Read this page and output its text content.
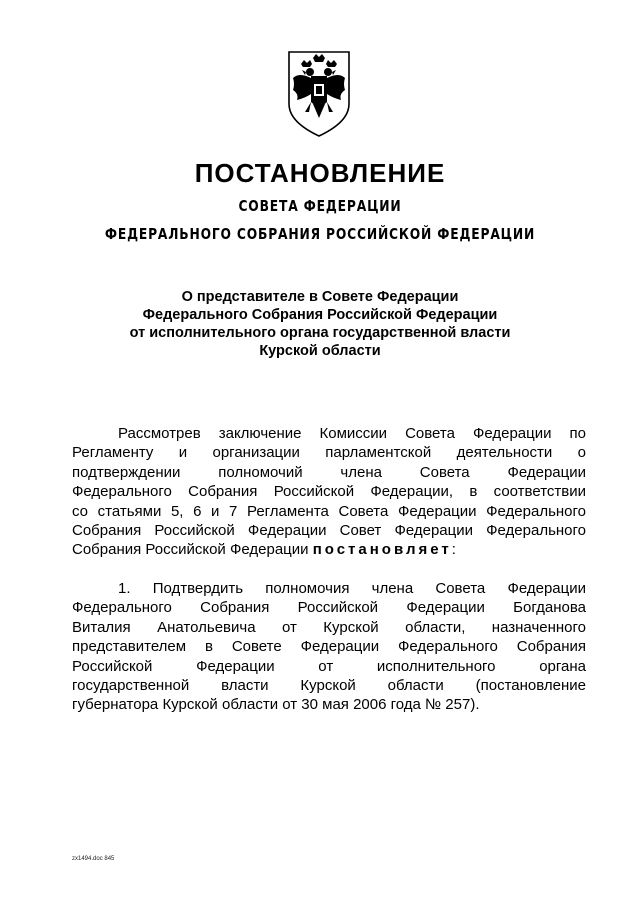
ПОСТАНОВЛЕНИЕ
СОВЕТА ФЕДЕРАЦИИ
ФЕДЕРАЛЬНОГО СОБРАНИЯ РОССИЙСКОЙ ФЕДЕРАЦИИ
О представителе в Совете Федерации
Федерального Собрания Российской Федерации
от исполнительного органа государственной власти
Курской области
Рассмотрев заключение Комиссии Совета Федерации по
Регламенту и организации парламентской деятельности о
подтверждении полномочий члена Совета Федерации
Федерального Собрания Российской Федерации, в соответствии
со статьями 5, 6 и 7 Регламента Совета Федерации Федерального
Собрания Российской Федерации Совет Федерации Федерального
Собрания Российской Федерации постановляет:
1. Подтвердить полномочия члена Совета Федерации
Федерального Собрания Российской Федерации Богданова
Виталия Анатольевича от Курской области, назначенного
представителем в Совете Федерации Федерального Собрания
Российской Федерации от исполнительного органа
государственной власти Курской области (постановление
губернатора Курской области от 30 мая 2006 года № 257).
zx1494.doc 845
